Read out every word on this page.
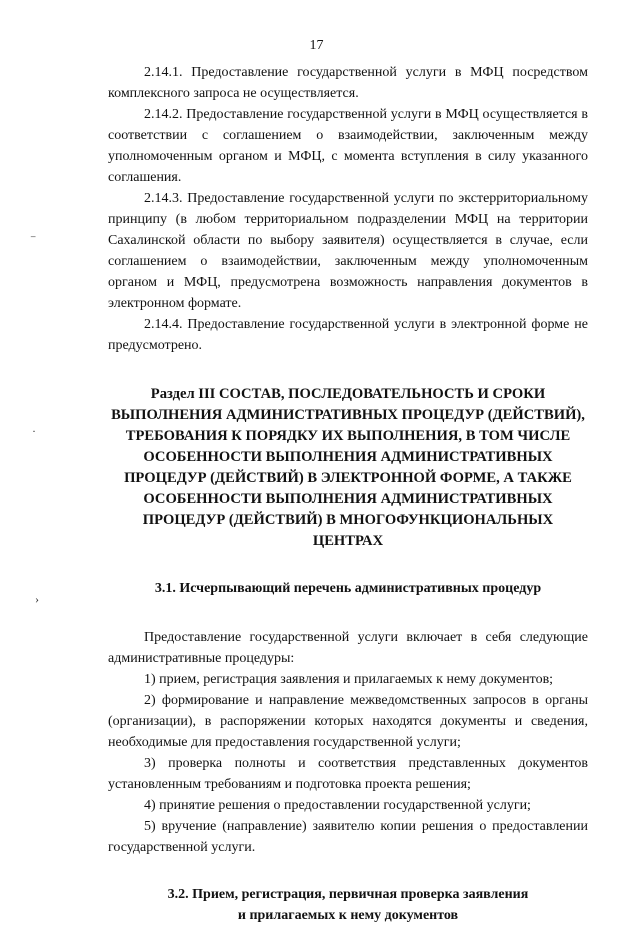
17
⁻
·
›

2.14.1. Предоставление государственной услуги в МФЦ посредством комплексного запроса не осуществляется.

2.14.2. Предоставление государственной услуги в МФЦ осуществляется в соответствии с соглашением о взаимодействии, заключенным между уполномоченным органом и МФЦ, с момента вступления в силу указанного соглашения.

2.14.3. Предоставление государственной услуги по экстерриториальному принципу (в любом территориальном подразделении МФЦ на территории Сахалинской области по выбору заявителя) осуществляется в случае, если соглашением о взаимодействии, заключенным между уполномоченным органом и МФЦ, предусмотрена возможность направления документов в электронном формате.

2.14.4. Предоставление государственной услуги в электронной форме не предусмотрено.

Раздел III СОСТАВ, ПОСЛЕДОВАТЕЛЬНОСТЬ И СРОКИ ВЫПОЛНЕНИЯ АДМИНИСТРАТИВНЫХ ПРОЦЕДУР (ДЕЙСТВИЙ), ТРЕБОВАНИЯ К ПОРЯДКУ ИХ ВЫПОЛНЕНИЯ, В ТОМ ЧИСЛЕ ОСОБЕННОСТИ ВЫПОЛНЕНИЯ АДМИНИСТРАТИВНЫХ ПРОЦЕДУР (ДЕЙСТВИЙ) В ЭЛЕКТРОННОЙ ФОРМЕ, А ТАКЖЕ ОСОБЕННОСТИ ВЫПОЛНЕНИЯ АДМИНИСТРАТИВНЫХ ПРОЦЕДУР (ДЕЙСТВИЙ) В МНОГОФУНКЦИОНАЛЬНЫХ ЦЕНТРАХ
3.1. Исчерпывающий перечень административных процедур

Предоставление государственной услуги включает в себя следующие административные процедуры:

1) прием, регистрация заявления и прилагаемых к нему документов;

2) формирование и направление межведомственных запросов в органы (организации), в распоряжении которых находятся документы и сведения, необходимые для предоставления государственной услуги;

3) проверка полноты и соответствия представленных документов установленным требованиям и подготовка проекта решения;

4) принятие решения о предоставлении государственной услуги;

5) вручение (направление) заявителю копии решения о предоставлении государственной услуги.

3.2. Прием, регистрация, первичная проверка заявления
и прилагаемых к нему документов
